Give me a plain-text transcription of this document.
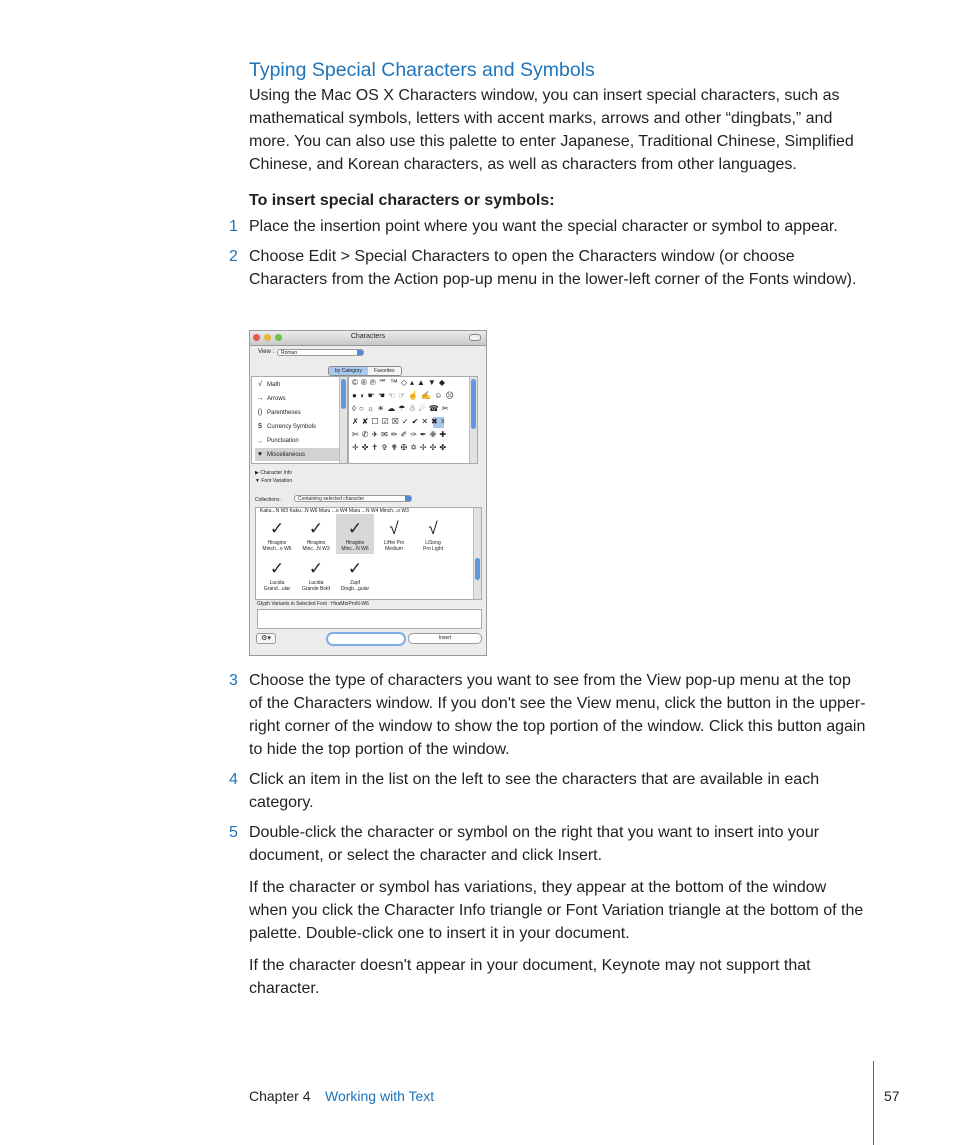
Typing Special Characters and Symbols
Using the Mac OS X Characters window, you can insert special characters, such as mathematical symbols, letters with accent marks, arrows and other “dingbats,” and more. You can also use this palette to enter Japanese, Traditional Chinese, Simplified Chinese, and Korean characters, as well as characters from other languages.
To insert special characters or symbols:
1 Place the insertion point where you want the special character or symbol to appear.
2 Choose Edit > Special Characters to open the Characters window (or choose Characters from the Action pop-up menu in the lower-left corner of the Fonts window).
Characters
View :	Roman
by Category	Favorites
√ Math
→ Arrows
() Parentheses
$ Currency Symbols
., Punctuation
♥ Miscellaneous
©®℗℠™◇▴▲▼◆
●◗☛☚☜☞☝✍☺☹
◊○☼☀☁☂☃☄☎✂
✗✘☐☑☒✓✔✕✖☓
✄✆✈✉✏✐✑✒✙✚
✛✜✝✞✟✠✡✢✣✤
▶ Character Info
▼ Font Variation
Collections :	Containing selected character
Kaku...N W3 Kaku...N W6 Maru ...o W4 Maru ...N W4 Minch...o W3
✓
Hiragino
Minch...o W6
✓
Hiragino
Minc...N W3
✓
Hiragino
Minc...N W6
√
LiHei Pro
Medium
√
LiSong
Pro Light
✓
Lucida
Grand...ular
✓
Lucida
Grande Bold
✓
Zapf
Dingb...gular
Glyph Variants in Selected Font : HiraMinProN-W6
⚙▾	Insert
3 Choose the type of characters you want to see from the View pop-up menu at the top of the Characters window. If you don't see the View menu, click the button in the upper-right corner of the window to show the top portion of the window. Click this button again to hide the top portion of the window.
4 Click an item in the list on the left to see the characters that are available in each category.
5 Double-click the character or symbol on the right that you want to insert into your document, or select the character and click Insert.
If the character or symbol has variations, they appear at the bottom of the window when you click the Character Info triangle or Font Variation triangle at the bottom of the palette. Double-click one to insert it in your document.
If the character doesn't appear in your document, Keynote may not support that character.
Chapter 4 Working with Text	57
